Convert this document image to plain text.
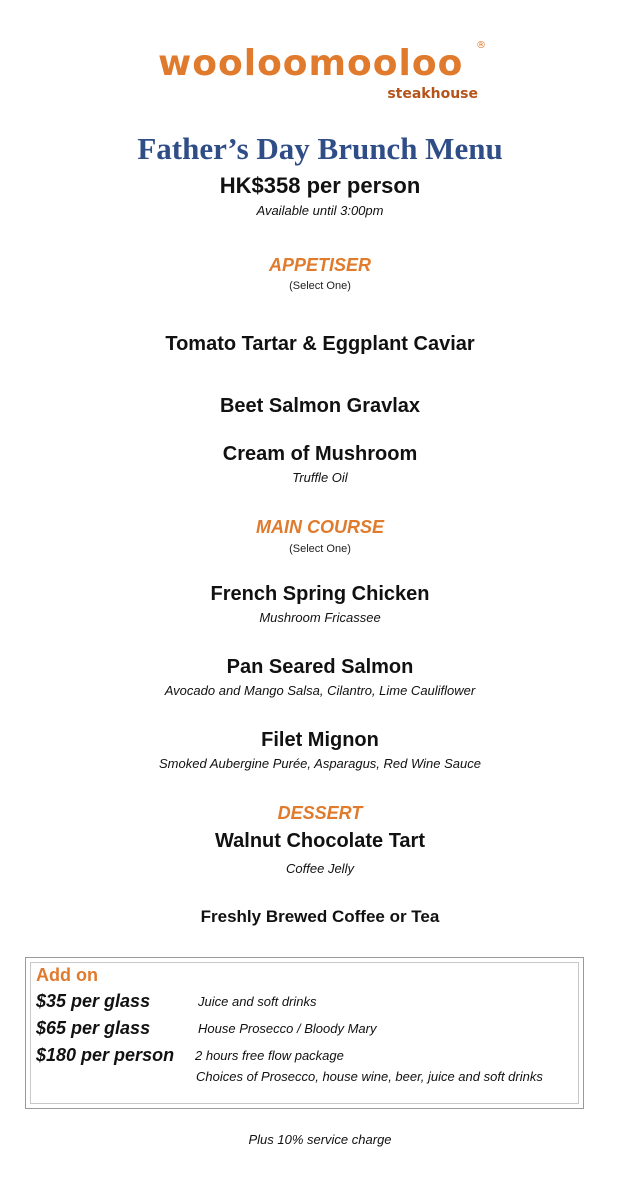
wooloomooloo ®
steakhouse
Father’s Day Brunch Menu
HK$358 per person
Available until 3:00pm
APPETISER
(Select One)
Tomato Tartar & Eggplant Caviar
Beet Salmon Gravlax
Cream of Mushroom
Truffle Oil
MAIN COURSE
(Select One)
French Spring Chicken
Mushroom Fricassee
Pan Seared Salmon
Avocado and Mango Salsa, Cilantro, Lime Cauliflower
Filet Mignon
Smoked Aubergine Purée, Asparagus, Red Wine Sauce
DESSERT
Walnut Chocolate Tart
Coffee Jelly
Freshly Brewed Coffee or Tea
Add on
$35 per glass	Juice and soft drinks
$65 per glass	House Prosecco / Bloody Mary
$180 per person 2 hours free flow package
Choices of Prosecco, house wine, beer, juice and soft drinks
Plus 10% service charge
